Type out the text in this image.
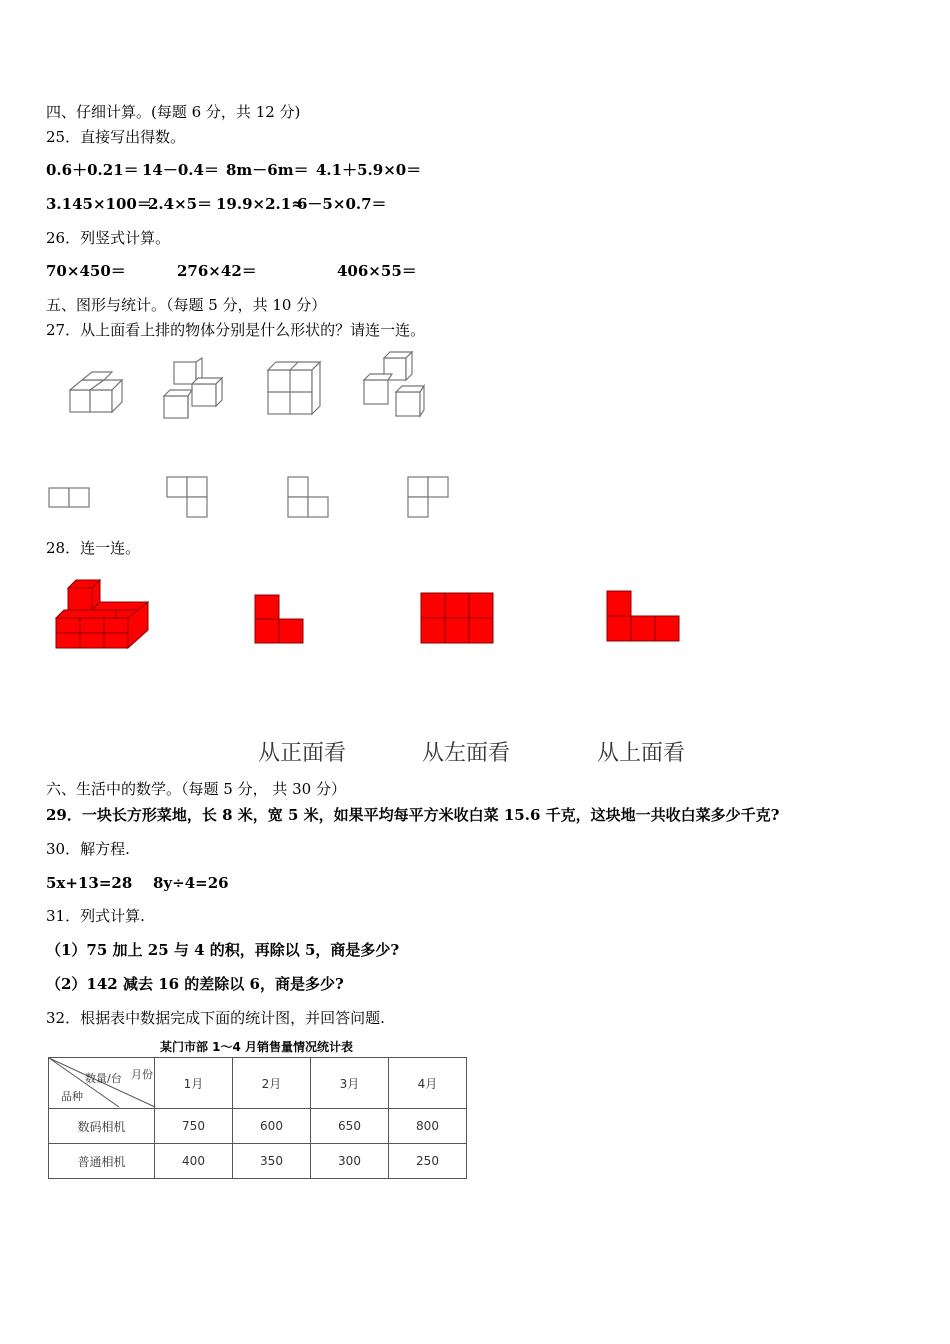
四、仔细计算。(每题 6 分，共 12 分)
25．直接写出得数。
0.6＋0.21＝ 14－0.4＝ 8m－6m＝ 4.1＋5.9×0＝
3.145×100＝
2.4×5＝ 19.9×2.1≈
6－5×0.7＝
26．列竖式计算。
70×450＝	276×42＝	406×55＝
五、图形与统计。（每题 5 分，共 10 分）
27．从上面看上排的物体分别是什么形状的？请连一连。
28．连一连。
从正面看	从左面看	从上面看
六、生活中的数学。（每题 5 分， 共 30 分）
29．一块长方形菜地，长 8 米，宽 5 米，如果平均每平方米收白菜 15.6 千克，这块地一共收白菜多少千克?
30．解方程.
5x+13=28 8y÷4=26
31．列式计算.
（1）75 加上 25 与 4 的积，再除以 5，商是多少?
（2）142 减去 16 的差除以 6，商是多少?
32．根据表中数据完成下面的统计图，并回答问题.
某门市部 1～4 月销售量情况统计表
数量/台 月份
品种	1月	2月	3月	4月
数码相机	750	600	650	800
普通相机	400	350	300	250
